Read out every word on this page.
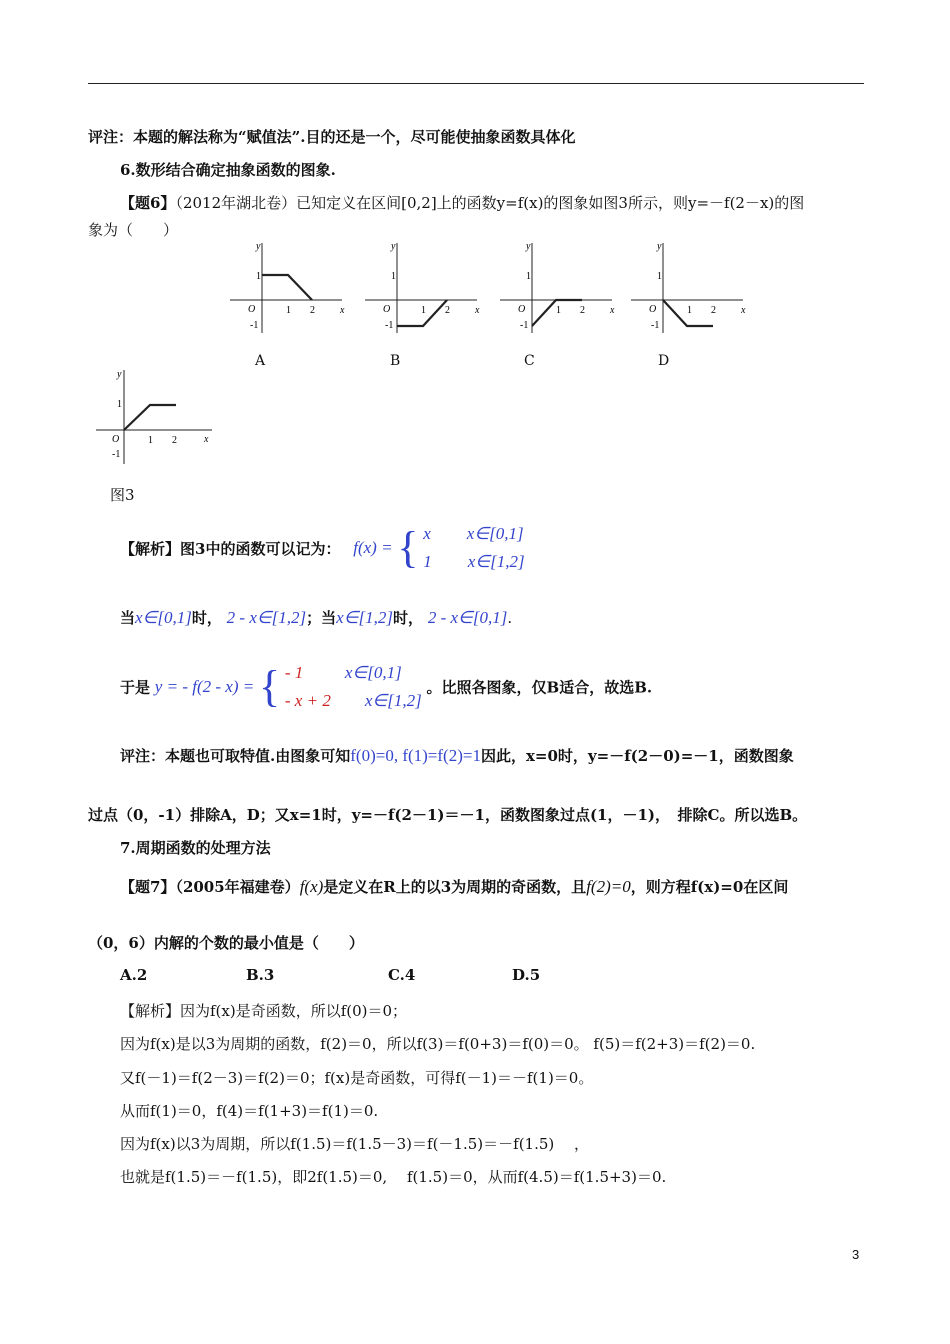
评注：本题的解法称为“赋值法”.目的还是一个，尽可能使抽象函数具体化
6.数形结合确定抽象函数的图象.
【题6】（2012年湖北卷）已知定义在区间[0,2]上的函数y=f(x)的图象如图3所示，则y=－f(2－x)的图
象为（　　）
y
x
O
1
-1
1 2
A
y
x
O
1
-1
1 2
B
y
x
O
1
-1
1 2
C
y
x
O
1
-1
1 2
D
y
x
O
1
-1
1 2
图3
【解析】图3中的函数可以记为： f(x) = { x x∈[0,1]
1 x∈[1,2]
当x∈[0,1]时， 2 - x∈[1,2]；当x∈[1,2]时， 2 - x∈[0,1].
于是 y = - f(2 - x) = { - 1 x∈[0,1]
- x + 2 x∈[1,2]
。比照各图象，仅B适合，故选B.
评注：本题也可取特值.由图象可知f(0)=0, f(1)=f(2)=1因此，x=0时，y=－f(2－0)=－1，函数图象
过点（0，-1）排除A，D；又x=1时，y=－f(2－1)＝－1，函数图象过点(1，－1)，　排除C。所以选B。
7.周期函数的处理方法
【题7】（2005年福建卷）f(x)是定义在R上的以3为周期的奇函数，且f(2)=0，则方程f(x)=0在区间
（0，6）内解的个数的最小值是（　　）
A.2	B.3	C.4	D.5
【解析】因为f(x)是奇函数，所以f(0)＝0；
因为f(x)是以3为周期的函数，f(2)＝0，所以f(3)＝f(0+3)＝f(0)＝0。 f(5)＝f(2+3)＝f(2)＝0.
又f(－1)＝f(2－3)＝f(2)＝0；f(x)是奇函数，可得f(－1)＝－f(1)＝0。
从而f(1)＝0，f(4)＝f(1+3)＝f(1)＝0.
因为f(x)以3为周期，所以f(1.5)＝f(1.5－3)＝f(－1.5)＝－f(1.5)　 ，
也就是f(1.5)＝－f(1.5)，即2f(1.5)＝0,　 f(1.5)＝0，从而f(4.5)＝f(1.5+3)＝0.
3
